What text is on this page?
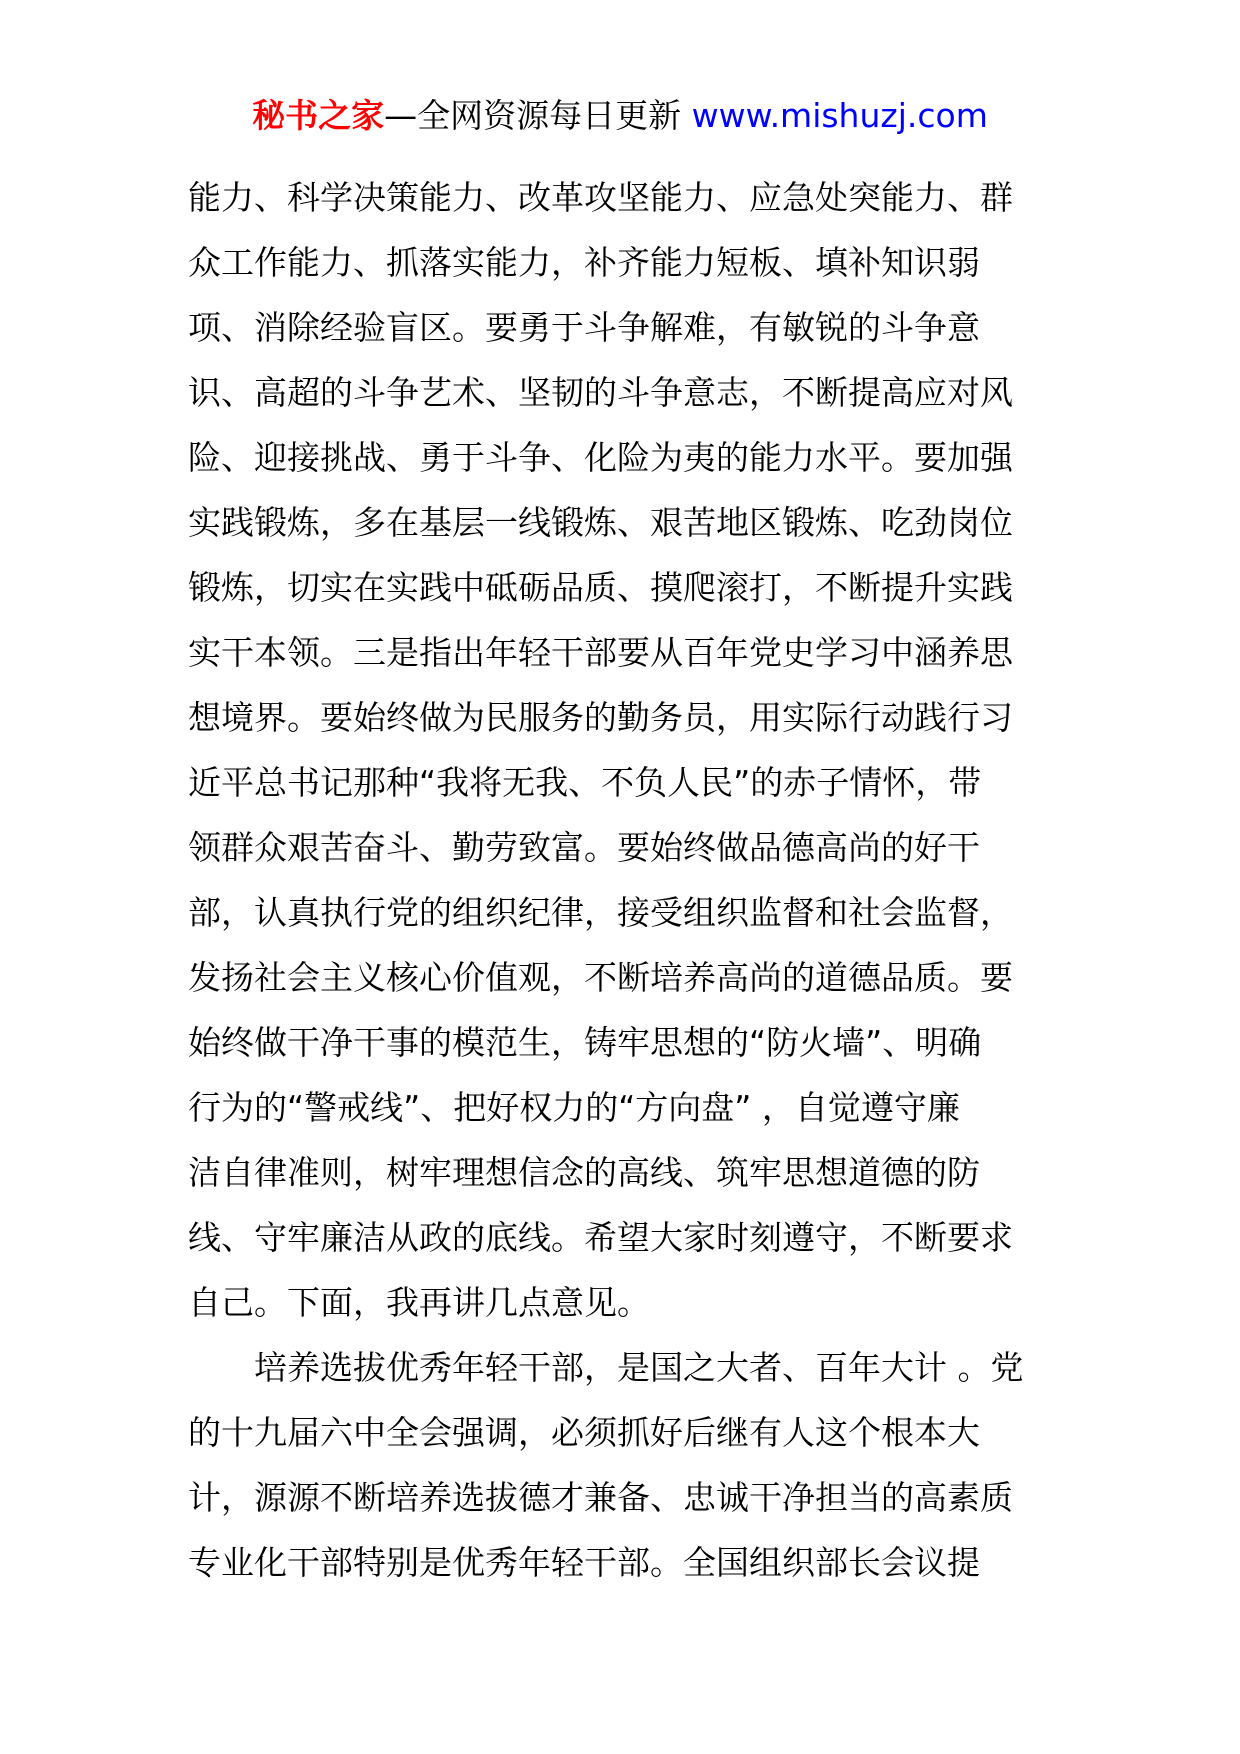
秘书之家—全网资源每日更新 www.mishuzj.com
能力、科学决策能力、改革攻坚能力、应急处突能力、群
众工作能力、抓落实能力，补齐能力短板、填补知识弱
项、消除经验盲区。要勇于斗争解难，有敏锐的斗争意
识、高超的斗争艺术、坚韧的斗争意志，不断提高应对风
险、迎接挑战、勇于斗争、化险为夷的能力水平。要加强
实践锻炼，多在基层一线锻炼、艰苦地区锻炼、吃劲岗位
锻炼，切实在实践中砥砺品质、摸爬滚打，不断提升实践
实干本领。三是指出年轻干部要从百年党史学习中涵养思
想境界。要始终做为民服务的勤务员，用实际行动践行习
近平总书记那种“我将无我、不负人民”的赤子情怀，带
领群众艰苦奋斗、勤劳致富。要始终做品德高尚的好干
部，认真执行党的组织纪律，接受组织监督和社会监督，
发扬社会主义核心价值观，不断培养高尚的道德品质。要
始终做干净干事的模范生，铸牢思想的“防火墙”、明确
行为的“警戒线”、把好权力的“方向盘” ，自觉遵守廉
洁自律准则，树牢理想信念的高线、筑牢思想道德的防
线、守牢廉洁从政的底线。希望大家时刻遵守，不断要求
自己。下面，我再讲几点意见。
　　培养选拔优秀年轻干部，是国之大者、百年大计 。党
的十九届六中全会强调，必须抓好后继有人这个根本大
计，源源不断培养选拔德才兼备、忠诚干净担当的高素质
专业化干部特别是优秀年轻干部。全国组织部长会议提
